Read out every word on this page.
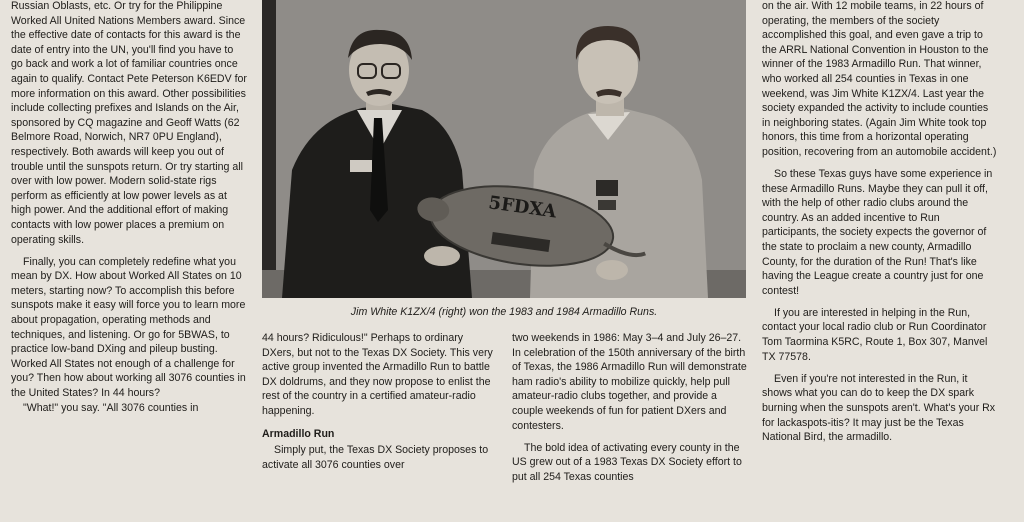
Russian Oblasts, etc. Or try for the Philippine Worked All United Nations Members award. Since the effective date of contacts for this award is the date of entry into the UN, you'll find you have to go back and work a lot of familiar countries once again to qualify. Contact Pete Peterson K6EDV for more information on this award. Other possibilities include collecting prefixes and Islands on the Air, sponsored by CQ magazine and Geoff Watts (62 Belmore Road, Norwich, NR7 0PU England), respectively. Both awards will keep you out of trouble until the sunspots return. Or try starting all over with low power. Modern solid-state rigs perform as efficiently at low power levels as at high power. And the additional effort of making contacts with low power places a premium on operating skills.

Finally, you can completely redefine what you mean by DX. How about Worked All States on 10 meters, starting now? To accomplish this before sunspots make it easy will force you to learn more about propagation, operating methods and techniques, and listening. Or go for 5BWAS, to practice low-band DXing and pileup busting. Worked All States not enough of a challenge for you? Then how about working all 3076 counties in the United States? In 44 hours?

"What!" you say. "All 3076 counties in

5FDXA
Jim White K1ZX/4 (right) won the 1983 and 1984 Armadillo Runs.

44 hours? Ridiculous!" Perhaps to ordinary DXers, but not to the Texas DX Society. This very active group invented the Armadillo Run to battle DX doldrums, and they now propose to enlist the rest of the country in a certified amateur-radio happening.

Armadillo Run

Simply put, the Texas DX Society proposes to activate all 3076 counties over

two weekends in 1986: May 3–4 and July 26–27. In celebration of the 150th anniversary of the birth of Texas, the 1986 Armadillo Run will demonstrate ham radio's ability to mobilize quickly, help pull amateur-radio clubs together, and provide a couple weekends of fun for patient DXers and contesters.

The bold idea of activating every county in the US grew out of a 1983 Texas DX Society effort to put all 254 Texas counties

on the air. With 12 mobile teams, in 22 hours of operating, the members of the society accomplished this goal, and even gave a trip to the ARRL National Convention in Houston to the winner of the 1983 Armadillo Run. That winner, who worked all 254 counties in Texas in one weekend, was Jim White K1ZX/4. Last year the society expanded the activity to include counties in neighboring states. (Again Jim White took top honors, this time from a horizontal operating position, recovering from an automobile accident.)

So these Texas guys have some experience in these Armadillo Runs. Maybe they can pull it off, with the help of other radio clubs around the country. As an added incentive to Run participants, the society expects the governor of the state to proclaim a new county, Armadillo County, for the duration of the Run! That's like having the League create a country just for one contest!

If you are interested in helping in the Run, contact your local radio club or Run Coordinator Tom Taormina K5RC, Route 1, Box 307, Manvel TX 77578.

Even if you're not interested in the Run, it shows what you can do to keep the DX spark burning when the sunspots aren't. What's your Rx for lackaspots-itis? It may just be the Texas National Bird, the armadillo.
